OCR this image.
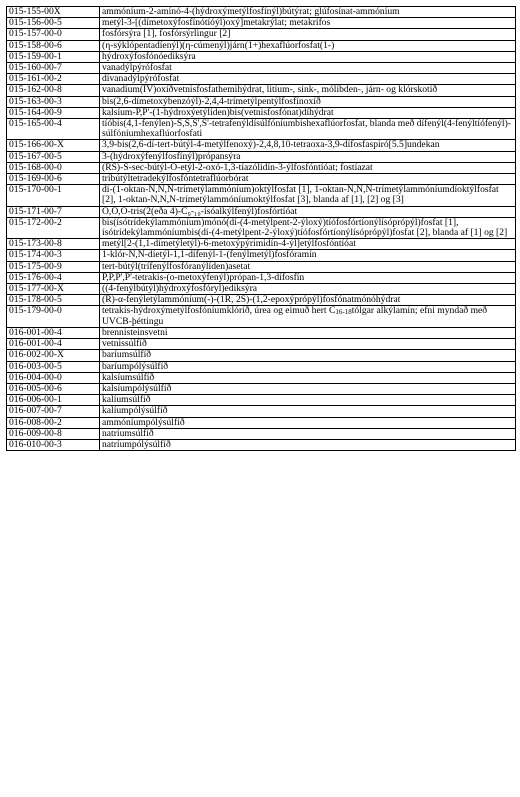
015-155-00X	ammóníum-2-amínó-4-(hýdroxýmetýlfosfínýl)bútýrat; glúfosínat-ammóníum
015-156-00-5	metýl-3-[(dímetoxýfosfínótíóýl)oxý]metakrýlat; metakrífos
015-157-00-0	fosfórsýra [1], fosfórsýrlingur [2]
015-158-00-6	(η-sýklópentadíenýl)(η-cúmenýl)járn(1+)hexaflúorfosfat(1-)
015-159-00-1	hýdroxýfosfónóediksýra
015-160-00-7	vanadýlpýrófosfat
015-161-00-2	dívanadýlpýrófosfat
015-162-00-8	vanadíum(IV)oxíðvetnisfosfathemihýdrat, litíum-, sink-, mólibden-, járn- og klórskotið
015-163-00-3	bis(2,6-dímetoxýbenzóýl)-2,4,4-trímetýlpentýlfosfínoxíð
015-164-00-9	kalsíum-P,P'-(1-hýdroxýetýlíden)bis(vetnisfosfónat)díhýdrat
015-165-00-4	tíóbis(4,1-fenýlen)-S,S,S',S'-tetrafenýldísúlfóníumbishexaflúorfosfat, blanda með dífenýl(4-fenýltíófenýl)-súlfóníumhexaflúorfosfati
015-166-00-X	3,9-bis(2,6-dí-tert-bútýl-4-metýlfenoxý)-2,4,8,10-tetraoxa-3,9-dífosfaspíró[5.5]undekan
015-167-00-5	3-(hýdroxýfenýlfosfínýl)própansýra
015-168-00-0	(RS)-S-sec-bútýl-O-etýl-2-oxó-1,3-tíazólidín-3-ýlfosfóntíóat; fostíazat
015-169-00-6	tríbútýltetradekýlfosfóntetraflúorbórat
015-170-00-1	dí-(1-oktan-N,N,N-trímetýlammóníum)oktýlfosfat [1], 1-oktan-N,N,N-trímetýlammóníumdíoktýlfosfat [2], 1-oktan-N,N,N-trímetýlammóníumoktýlfosfat [3], blanda af [1], [2] og [3]
015-171-00-7	O,O,O-tris(2(eða 4)-C₉‐₁₀-ísóalkýlfenýl)fosfórtíóat
015-172-00-2	bis(ísótrídekýlammóníum)mónó(dí-(4-metýlpent-2-ýloxý)tíófosfórtíonýlísóprópýl)fosfat [1], ísótrídekýlammóníumbis(dí-(4-metýlpent-2-ýloxý)tíófosfórtíonýlísóprópýl)fosfat [2], blanda af [1] og [2]
015-173-00-8	metýl[2-(1,1-dímetýletýl)-6-metoxýpýrimidín-4-ýl]etýlfosfóntíóat
015-174-00-3	1-klór-N,N-díetýl-1,1-dífenýl-1-(fenýlmetýl)fosfóramín
015-175-00-9	tert-bútýl(trífenýlfosfóranýlíden)asetat
015-176-00-4	P,P,P',P'-tetrakis-(o-metoxýfenýl)própan-1,3-dífosfín
015-177-00-X	((4-fenýlbútýl)hýdroxýfosfóryl)ediksýra
015-178-00-5	(R)-α-fenýletýlammóníum(-)-(1R, 2S)-(1,2-epoxýprópýl)fosfónatmónóhýdrat
015-179-00-0	tetrakis-hýdroxýmetýlfosfóníumklóríð, úrea og eimuð hert $C_{16-18}tólgar$ alkýlamín; efni myndað með UVCB-þéttingu
016-001-00-4	brennisteinsvetni
016-001-00-4	vetnissúlfíð
016-002-00-X	baríumsúlfíð
016-003-00-5	baríumpólýsúlfíð
016-004-00-0	kalsíumsúlfíð
016-005-00-6	kalsíumpólýsúlfíð
016-006-00-1	kalíumsúlfíð
016-007-00-7	kalíumpólýsúlfíð
016-008-00-2	ammóníumpólýsúlfíð
016-009-00-8	natríumsúlfíð
016-010-00-3	natríumpólýsúlfíð
